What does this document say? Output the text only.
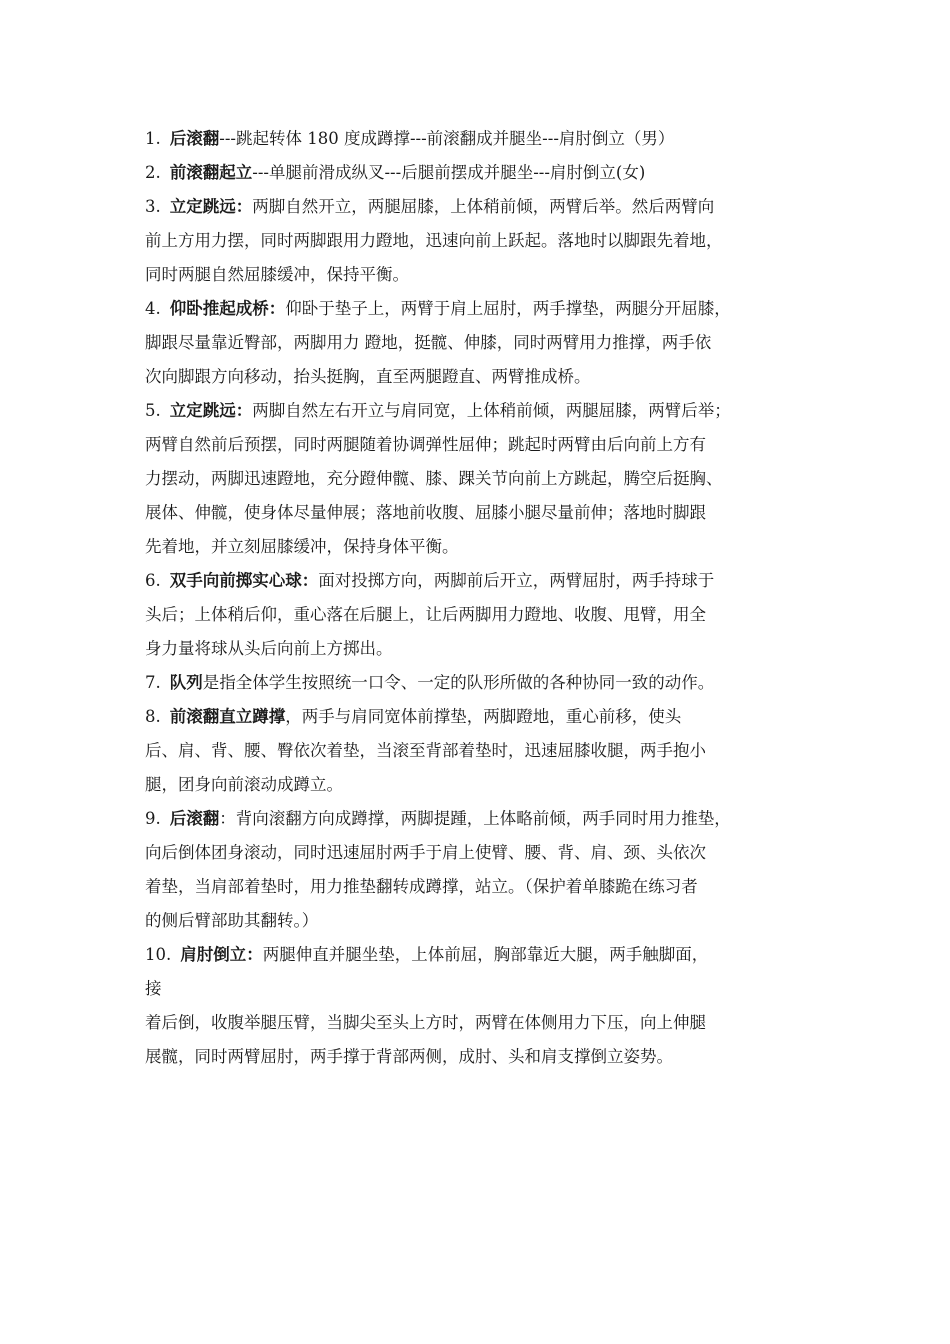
1. 后滚翻---跳起转体 180 度成蹲撑---前滚翻成并腿坐---肩肘倒立（男）
2. 前滚翻起立---单腿前滑成纵叉---后腿前摆成并腿坐---肩肘倒立(女)
3. 立定跳远：两脚自然开立，两腿屈膝，上体稍前倾，两臂后举。然后两臂向
前上方用力摆，同时两脚跟用力蹬地，迅速向前上跃起。落地时以脚跟先着地，
同时两腿自然屈膝缓冲，保持平衡。
4. 仰卧推起成桥：仰卧于垫子上，两臂于肩上屈肘，两手撑垫，两腿分开屈膝，
脚跟尽量靠近臀部，两脚用力 蹬地，挺髋、伸膝，同时两臂用力推撑，两手依
次向脚跟方向移动，抬头挺胸，直至两腿蹬直、两臂推成桥。
5. 立定跳远：两脚自然左右开立与肩同宽，上体稍前倾，两腿屈膝，两臂后举；
两臂自然前后预摆，同时两腿随着协调弹性屈伸；跳起时两臂由后向前上方有
力摆动，两脚迅速蹬地，充分蹬伸髋、膝、踝关节向前上方跳起，腾空后挺胸、
展体、伸髋，使身体尽量伸展；落地前收腹、屈膝小腿尽量前伸；落地时脚跟
先着地，并立刻屈膝缓冲，保持身体平衡。
6. 双手向前掷实心球：面对投掷方向，两脚前后开立，两臂屈肘，两手持球于
头后；上体稍后仰，重心落在后腿上，让后两脚用力蹬地、收腹、甩臂，用全
身力量将球从头后向前上方掷出。
7. 队列是指全体学生按照统一口令、一定的队形所做的各种协同一致的动作。
8. 前滚翻直立蹲撑，两手与肩同宽体前撑垫，两脚蹬地，重心前移，使头
后、肩、背、腰、臀依次着垫，当滚至背部着垫时，迅速屈膝收腿，两手抱小
腿，团身向前滚动成蹲立。
9. 后滚翻：背向滚翻方向成蹲撑，两脚提踵，上体略前倾，两手同时用力推垫，
向后倒体团身滚动，同时迅速屈肘两手于肩上使臂、腰、背、肩、颈、头依次
着垫，当肩部着垫时，用力推垫翻转成蹲撑，站立。（保护着单膝跪在练习者
的侧后臂部助其翻转。）
10. 肩肘倒立：两腿伸直并腿坐垫，上体前屈，胸部靠近大腿，两手触脚面，
接
着后倒，收腹举腿压臂，当脚尖至头上方时，两臂在体侧用力下压，向上伸腿
展髋，同时两臂屈肘，两手撑于背部两侧，成肘、头和肩支撑倒立姿势。
